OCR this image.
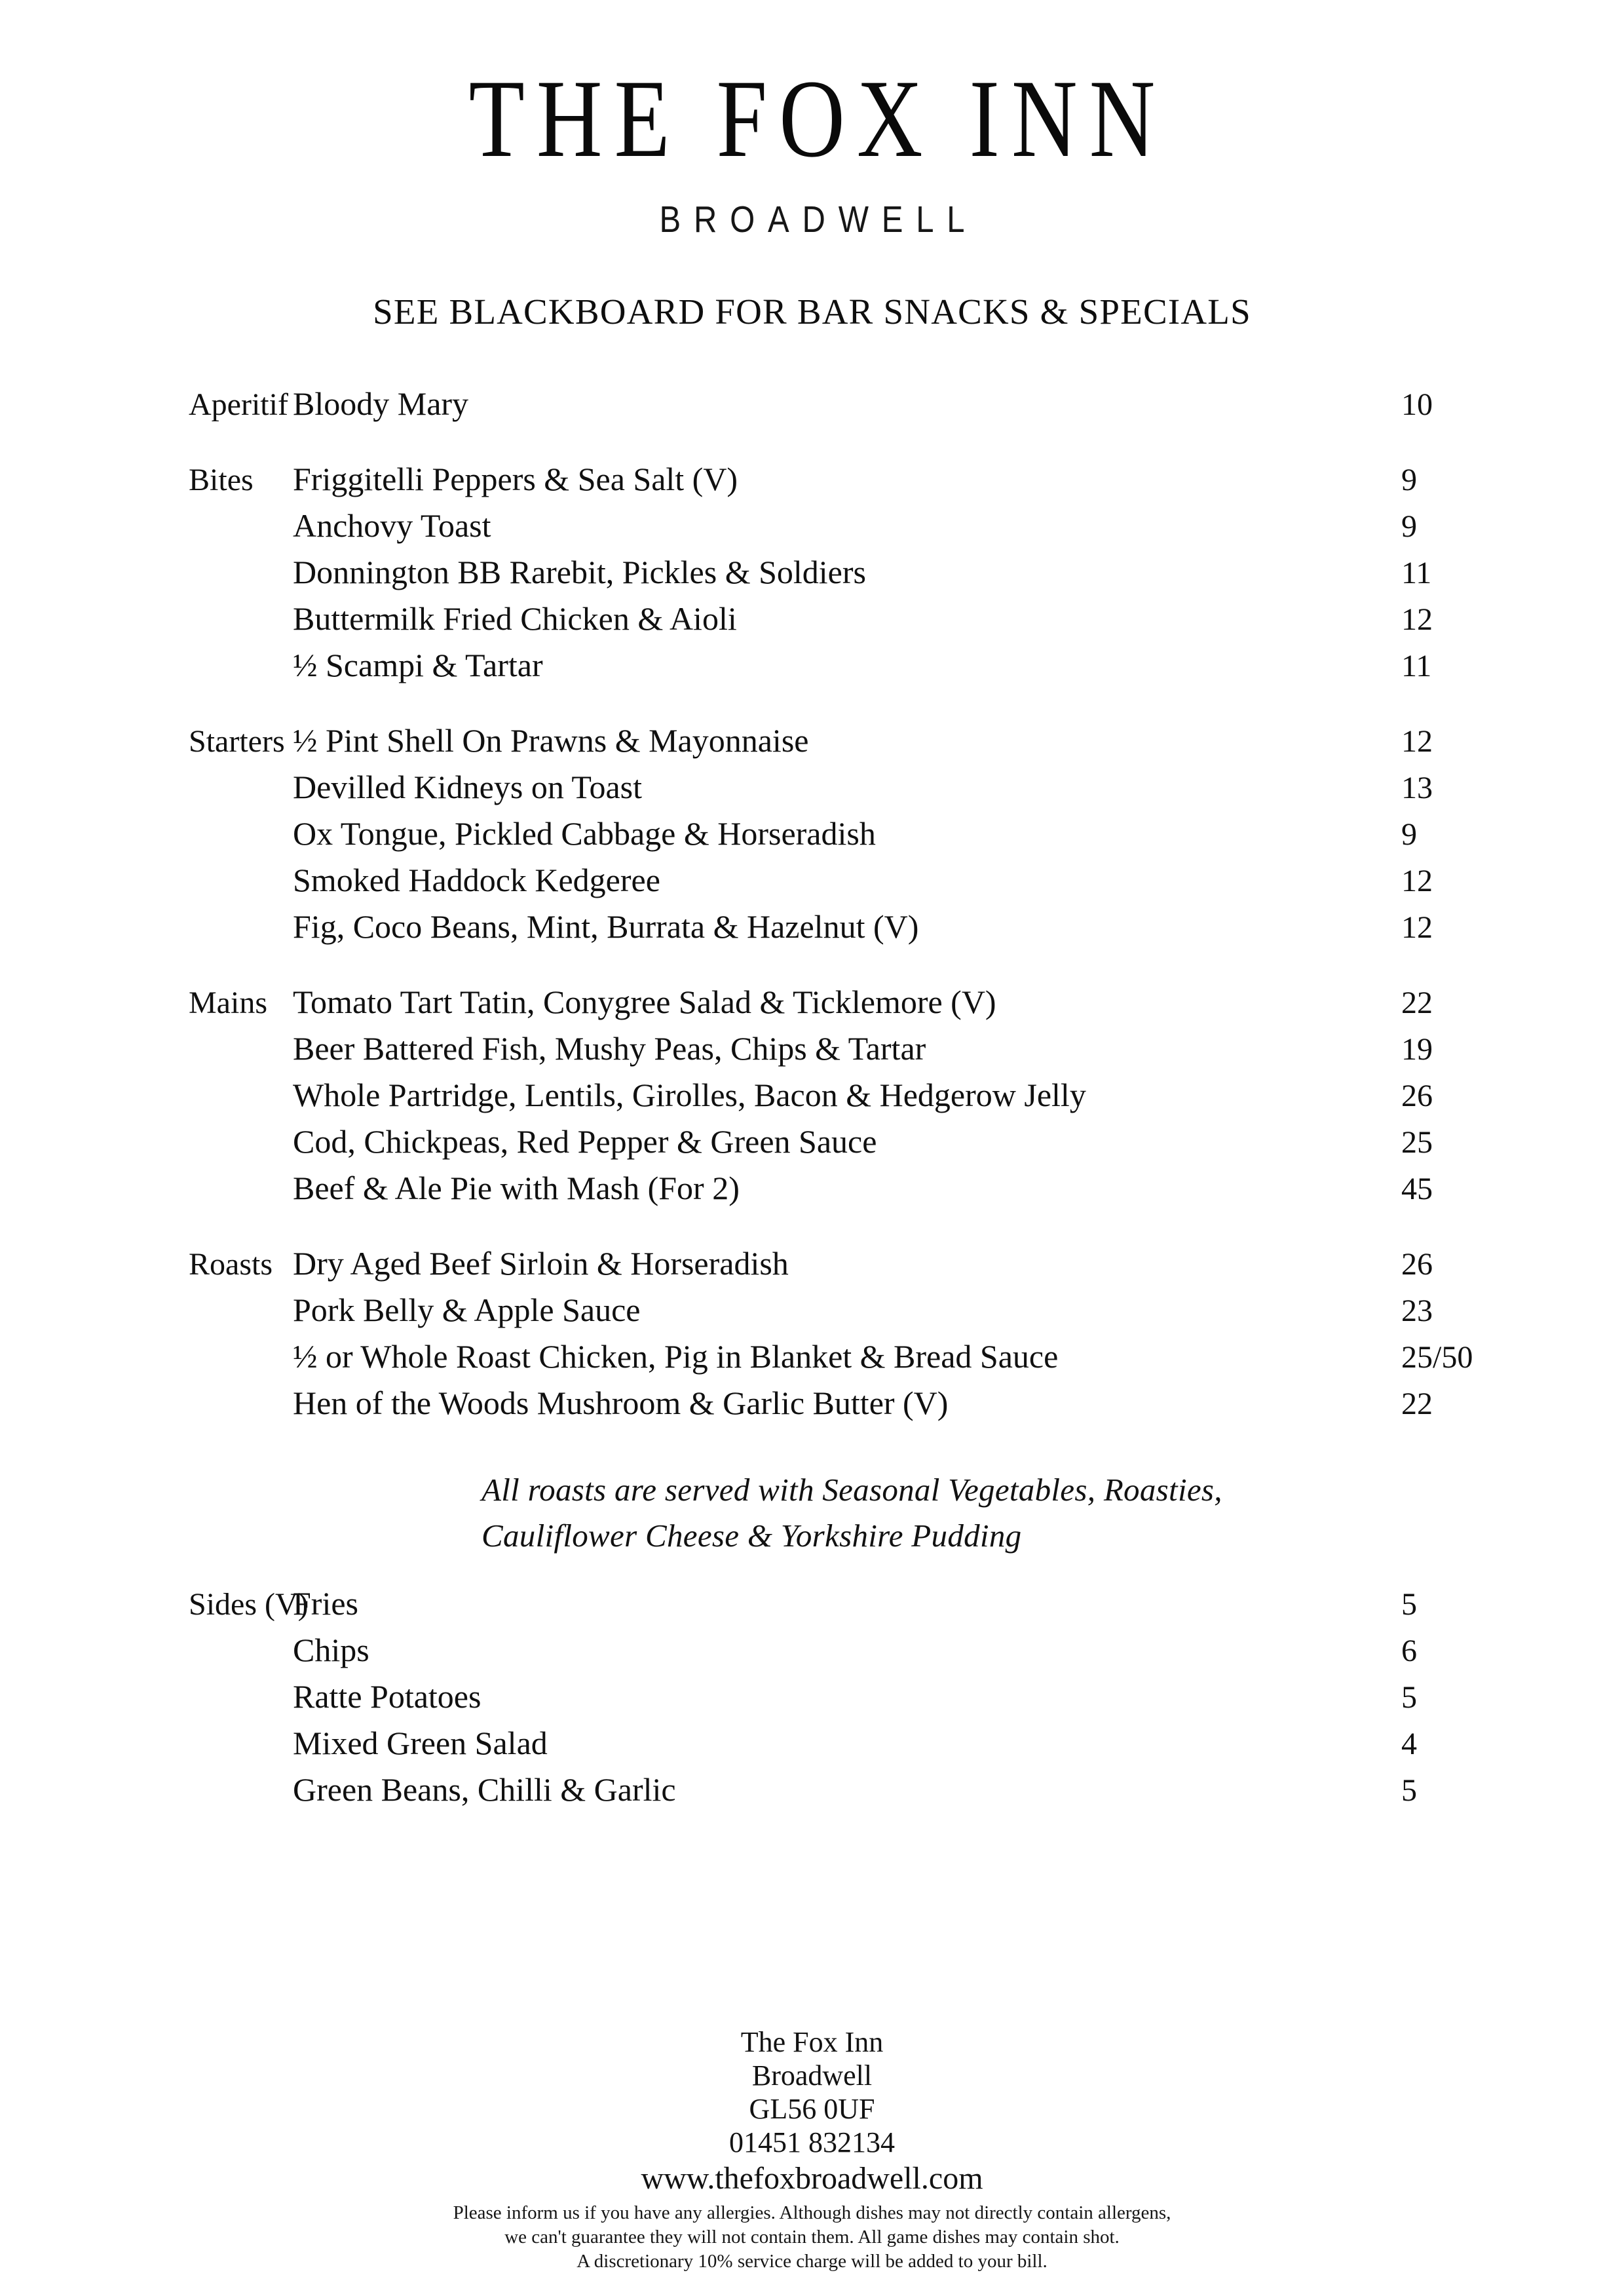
THE FOX INN
BROADWELL
SEE BLACKBOARD FOR BAR SNACKS & SPECIALS
Aperitif Bloody Mary	10
Bites	Friggitelli Peppers & Sea Salt (V)	9
Anchovy Toast	9
Donnington BB Rarebit, Pickles & Soldiers	11
Buttermilk Fried Chicken & Aioli	12
½ Scampi & Tartar	11
Starters ½ Pint Shell On Prawns & Mayonnaise	12
Devilled Kidneys on Toast	13
Ox Tongue, Pickled Cabbage & Horseradish	9
Smoked Haddock Kedgeree	12
Fig, Coco Beans, Mint, Burrata & Hazelnut (V)	12
Mains Tomato Tart Tatin, Conygree Salad & Ticklemore (V)	22
Beer Battered Fish, Mushy Peas, Chips & Tartar	19
Whole Partridge, Lentils, Girolles, Bacon & Hedgerow Jelly	26
Cod, Chickpeas, Red Pepper & Green Sauce	25
Beef & Ale Pie with Mash (For 2)	45
Roasts Dry Aged Beef Sirloin & Horseradish	26
Pork Belly & Apple Sauce	23
½ or Whole Roast Chicken, Pig in Blanket & Bread Sauce	25/50
Hen of the Woods Mushroom & Garlic Butter (V)	22
All roasts are served with Seasonal Vegetables, Roasties,
Cauliflower Cheese & Yorkshire Pudding
Sides (V)
Fries	5
Chips	6
Ratte Potatoes	5
Mixed Green Salad	4
Green Beans, Chilli & Garlic	5
The Fox Inn
Broadwell
GL56 0UF
01451 832134
www.thefoxbroadwell.com
Please inform us if you have any allergies. Although dishes may not directly contain allergens,
we can't guarantee they will not contain them. All game dishes may contain shot.
A discretionary 10% service charge will be added to your bill.
